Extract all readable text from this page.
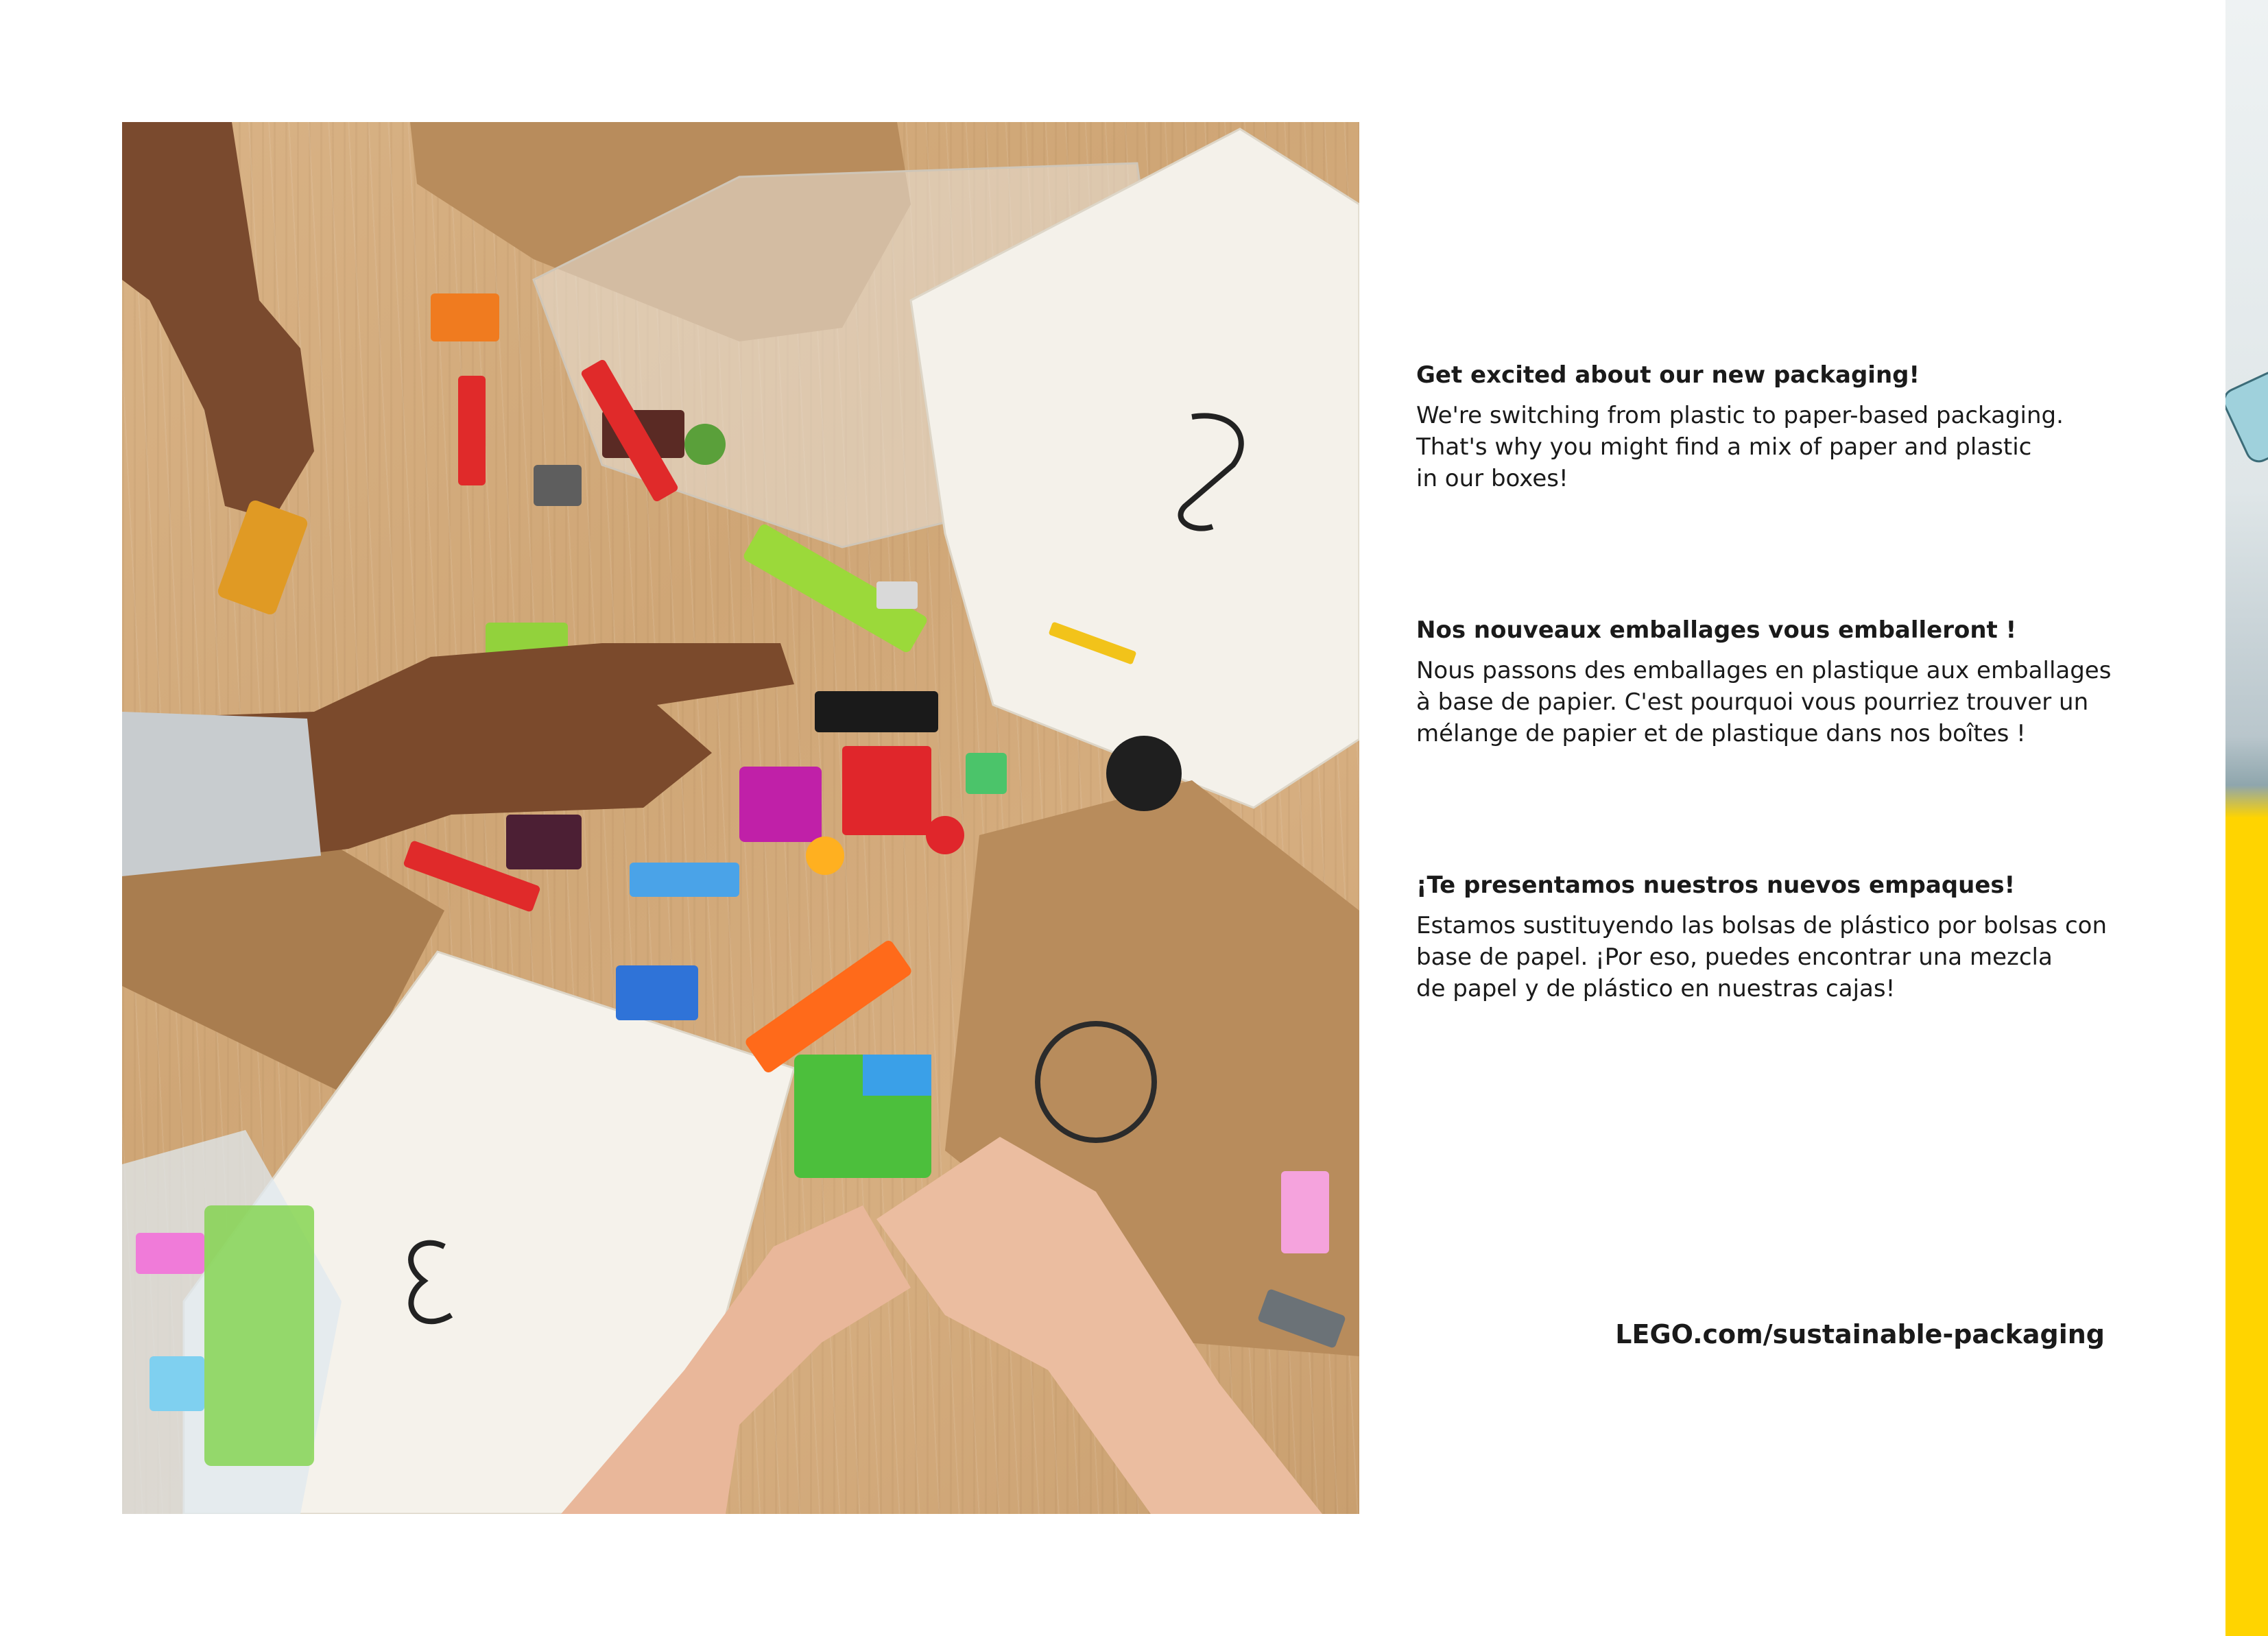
Get excited about our new packaging!

We're switching from plastic to paper-based packaging.

That's why you might find a mix of paper and plastic

in our boxes!

Nos nouveaux emballages vous emballeront !

Nous passons des emballages en plastique aux emballages

à base de papier. C'est pourquoi vous pourriez trouver un

mélange de papier et de plastique dans nos boîtes !

¡Te presentamos nuestros nuevos empaques!

Estamos sustituyendo las bolsas de plástico por bolsas con

base de papel. ¡Por eso, puedes encontrar una mezcla

de papel y de plástico en nuestras cajas!

LEGO.com/sustainable-packaging
